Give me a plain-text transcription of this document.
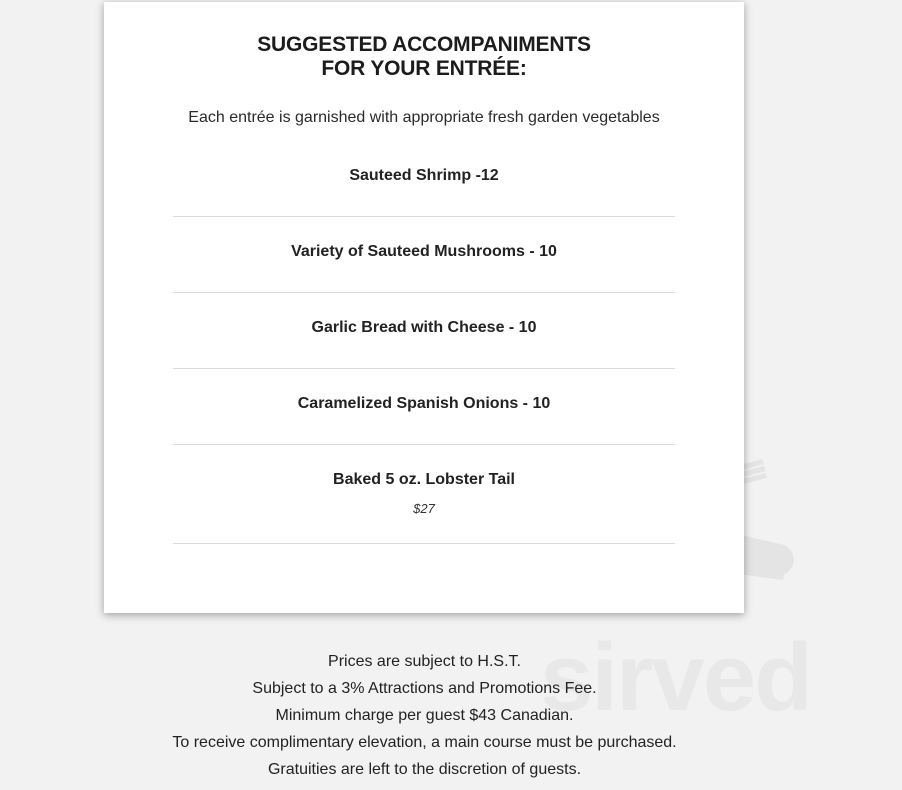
sirved
SUGGESTED ACCOMPANIMENTS
FOR YOUR ENTRÉE:
Each entrée is garnished with appropriate fresh garden vegetables
Sauteed Shrimp -12
Variety of Sauteed Mushrooms - 10
Garlic Bread with Cheese - 10
Caramelized Spanish Onions - 10
Baked 5 oz. Lobster Tail
$27
Prices are subject to H.S.T.
Subject to a 3% Attractions and Promotions Fee.
Minimum charge per guest $43 Canadian.
To receive complimentary elevation, a main course must be purchased.
Gratuities are left to the discretion of guests.
